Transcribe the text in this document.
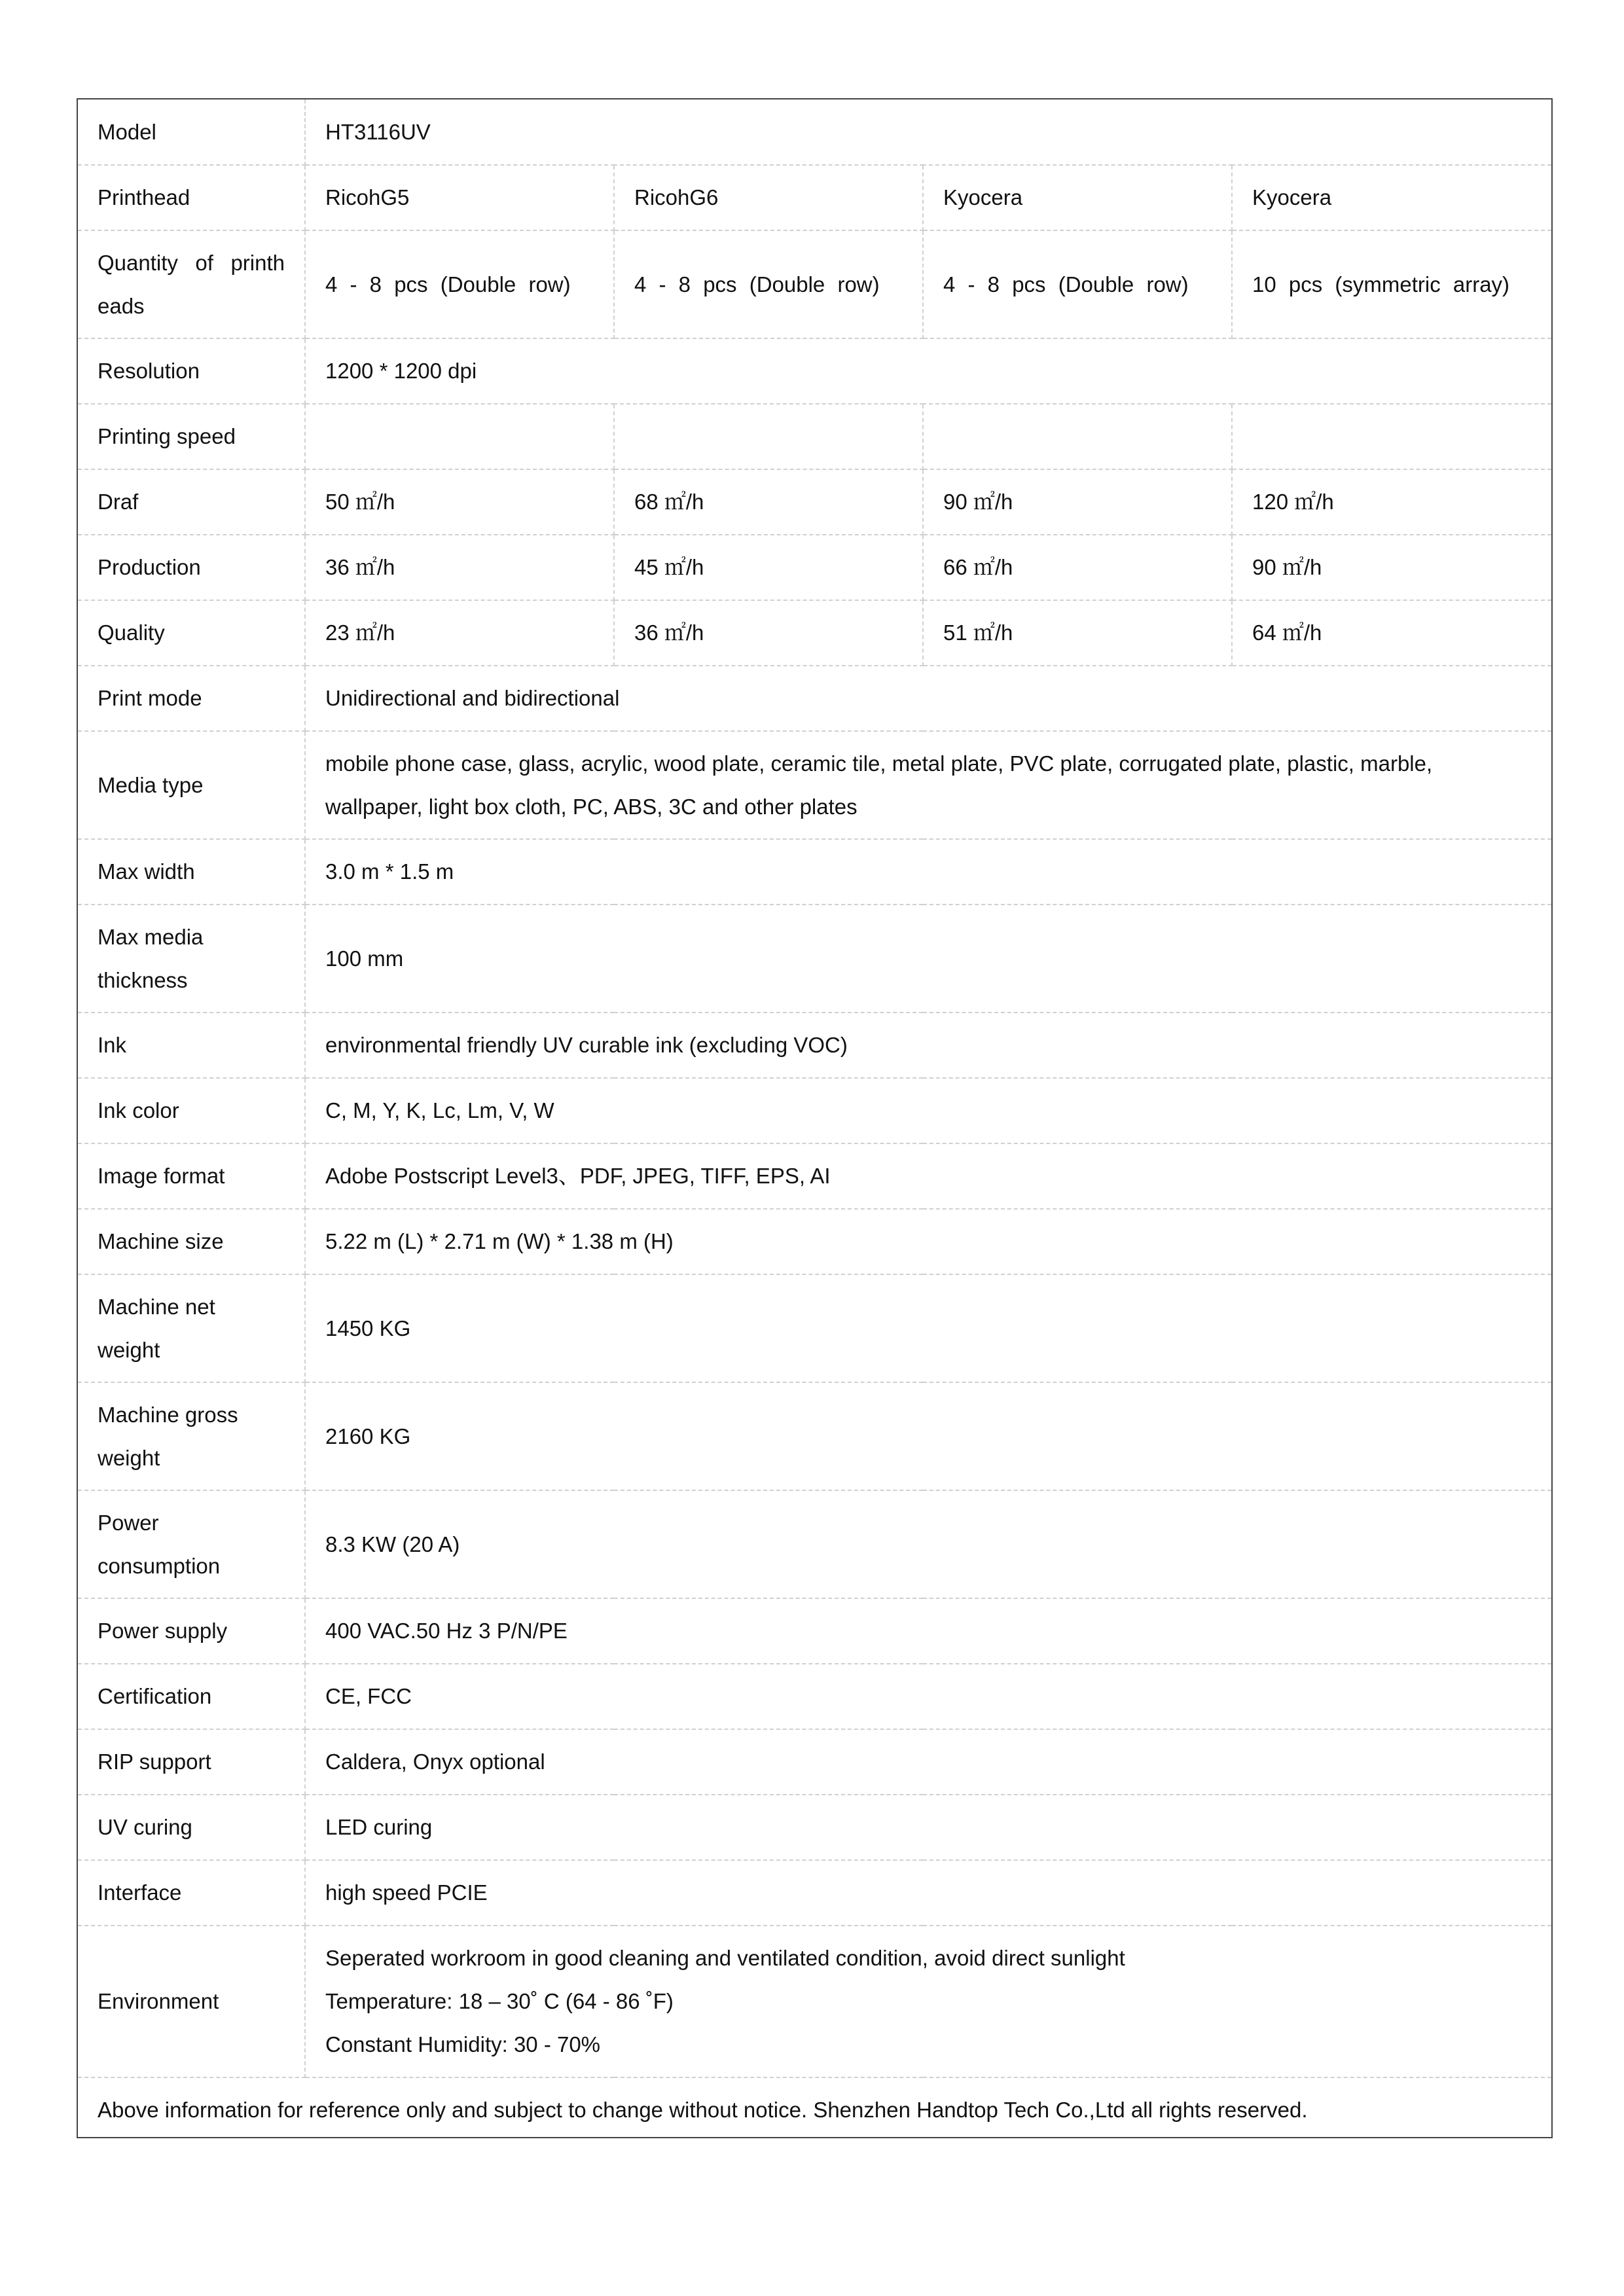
Model	HT3116UV			
Printhead	RicohG5	RicohG6	Kyocera	Kyocera

Quantity of printh
eads	4 - 8 pcs (Double row)	4 - 8 pcs (Double row)	4 - 8 pcs (Double row)	10 pcs (symmetric array)
Resolution	1200 * 1200 dpi			
Printing speed				
Draf	50 ㎡/h	68 ㎡/h	90 ㎡/h	120 ㎡/h
Production	36 ㎡/h	45 ㎡/h	66 ㎡/h	90 ㎡/h
Quality	23 ㎡/h	36 ㎡/h	51 ㎡/h	64 ㎡/h
Print mode	Unidirectional and bidirectional			
Media type	mobile phone case, glass, acrylic, wood plate, ceramic tile, metal plate, PVC plate, corrugated plate, plastic, marble,
wallpaper, light box cloth, PC, ABS, 3C and other plates			

Max width	3.0 m * 1.5 m			

Max media
thickness	100 mm			
Ink	environmental friendly UV curable ink (excluding VOC)			
Ink color	C, M, Y, K, Lc, Lm, V, W			
Image format	Adobe Postscript Level3、PDF, JPEG, TIFF, EPS, AI			
Machine size	5.22 m (L) * 2.71 m (W) * 1.38 m (H)			

Machine net
weight	1450 KG			

Machine gross
weight	2160 KG			

Power
consumption	8.3 KW (20 A)			
Power supply	400 VAC.50 Hz 3 P/N/PE			
Certification	CE, FCC			
RIP support	Caldera, Onyx optional			
UV curing	LED curing			
Interface	high speed PCIE			
Environment	Seperated workroom in good cleaning and ventilated condition, avoid direct sunlight
Temperature: 18 – 30˚ C (64 - 86 ˚F)
Constant Humidity: 30 - 70%			

Above information for reference only and subject to change without notice. Shenzhen Handtop Tech Co.,Ltd all rights reserved.				
